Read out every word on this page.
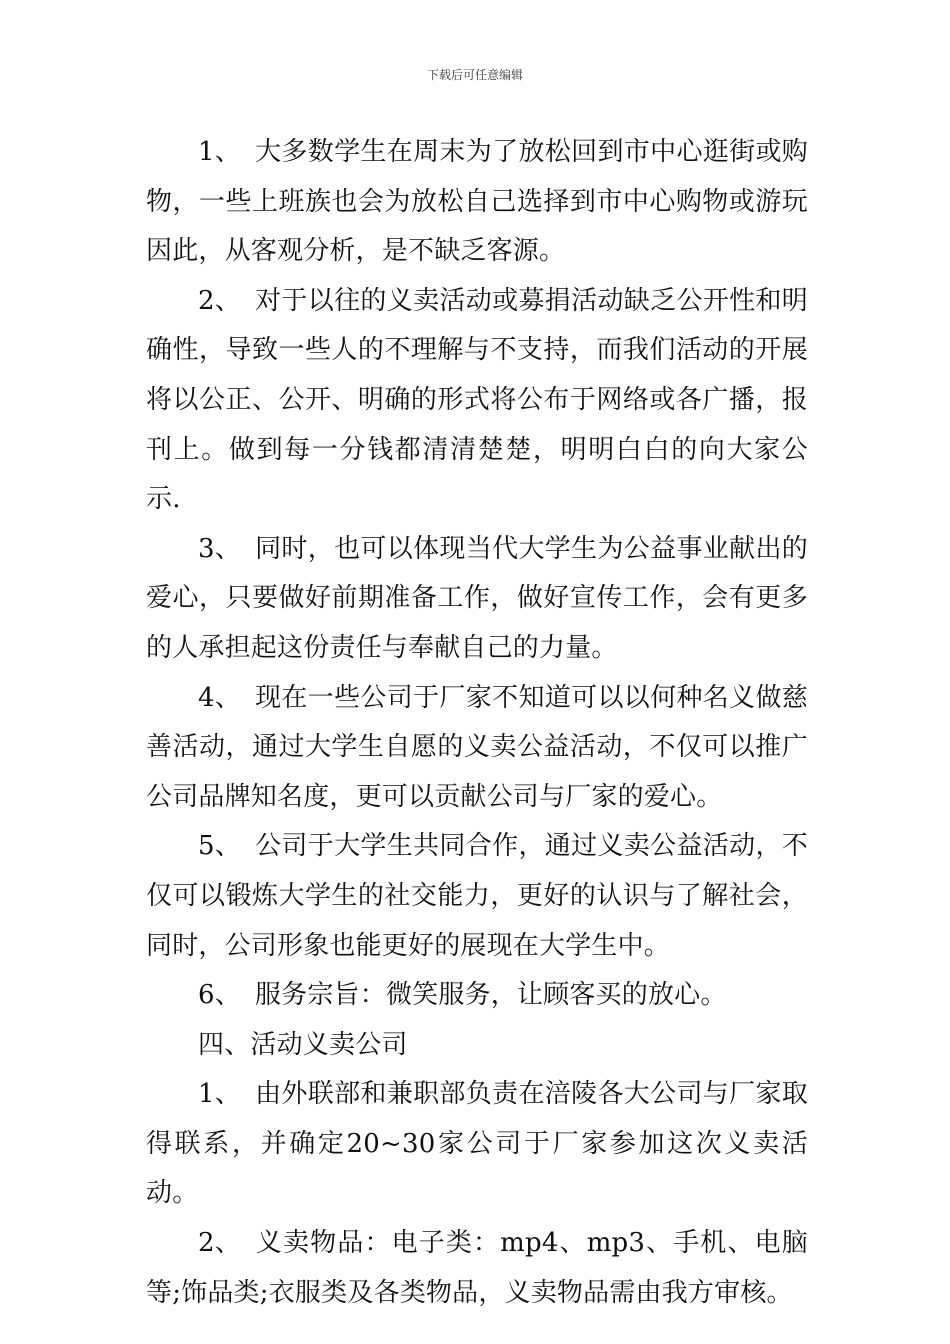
下载后可任意编辑

1、 大多数学生在周末为了放松回到市中心逛街或购物，一些上班族也会为放松自己选择到市中心购物或游玩因此，从客观分析，是不缺乏客源。

2、 对于以往的义卖活动或募捐活动缺乏公开性和明确性，导致一些人的不理解与不支持，而我们活动的开展将以公正、公开、明确的形式将公布于网络或各广播，报刊上。做到每一分钱都清清楚楚，明明白白的向大家公示.

3、 同时，也可以体现当代大学生为公益事业献出的爱心，只要做好前期准备工作，做好宣传工作，会有更多的人承担起这份责任与奉献自己的力量。

4、 现在一些公司于厂家不知道可以以何种名义做慈善活动，通过大学生自愿的义卖公益活动，不仅可以推广公司品牌知名度，更可以贡献公司与厂家的爱心。

5、 公司于大学生共同合作，通过义卖公益活动，不仅可以锻炼大学生的社交能力，更好的认识与了解社会，同时，公司形象也能更好的展现在大学生中。

6、 服务宗旨：微笑服务，让顾客买的放心。

四、活动义卖公司

1、 由外联部和兼职部负责在涪陵各大公司与厂家取得联系，并确定20~30家公司于厂家参加这次义卖活动。

2、 义卖物品：电子类：mp4、mp3、手机、电脑等;饰品类;衣服类及各类物品，义卖物品需由我方审核。
